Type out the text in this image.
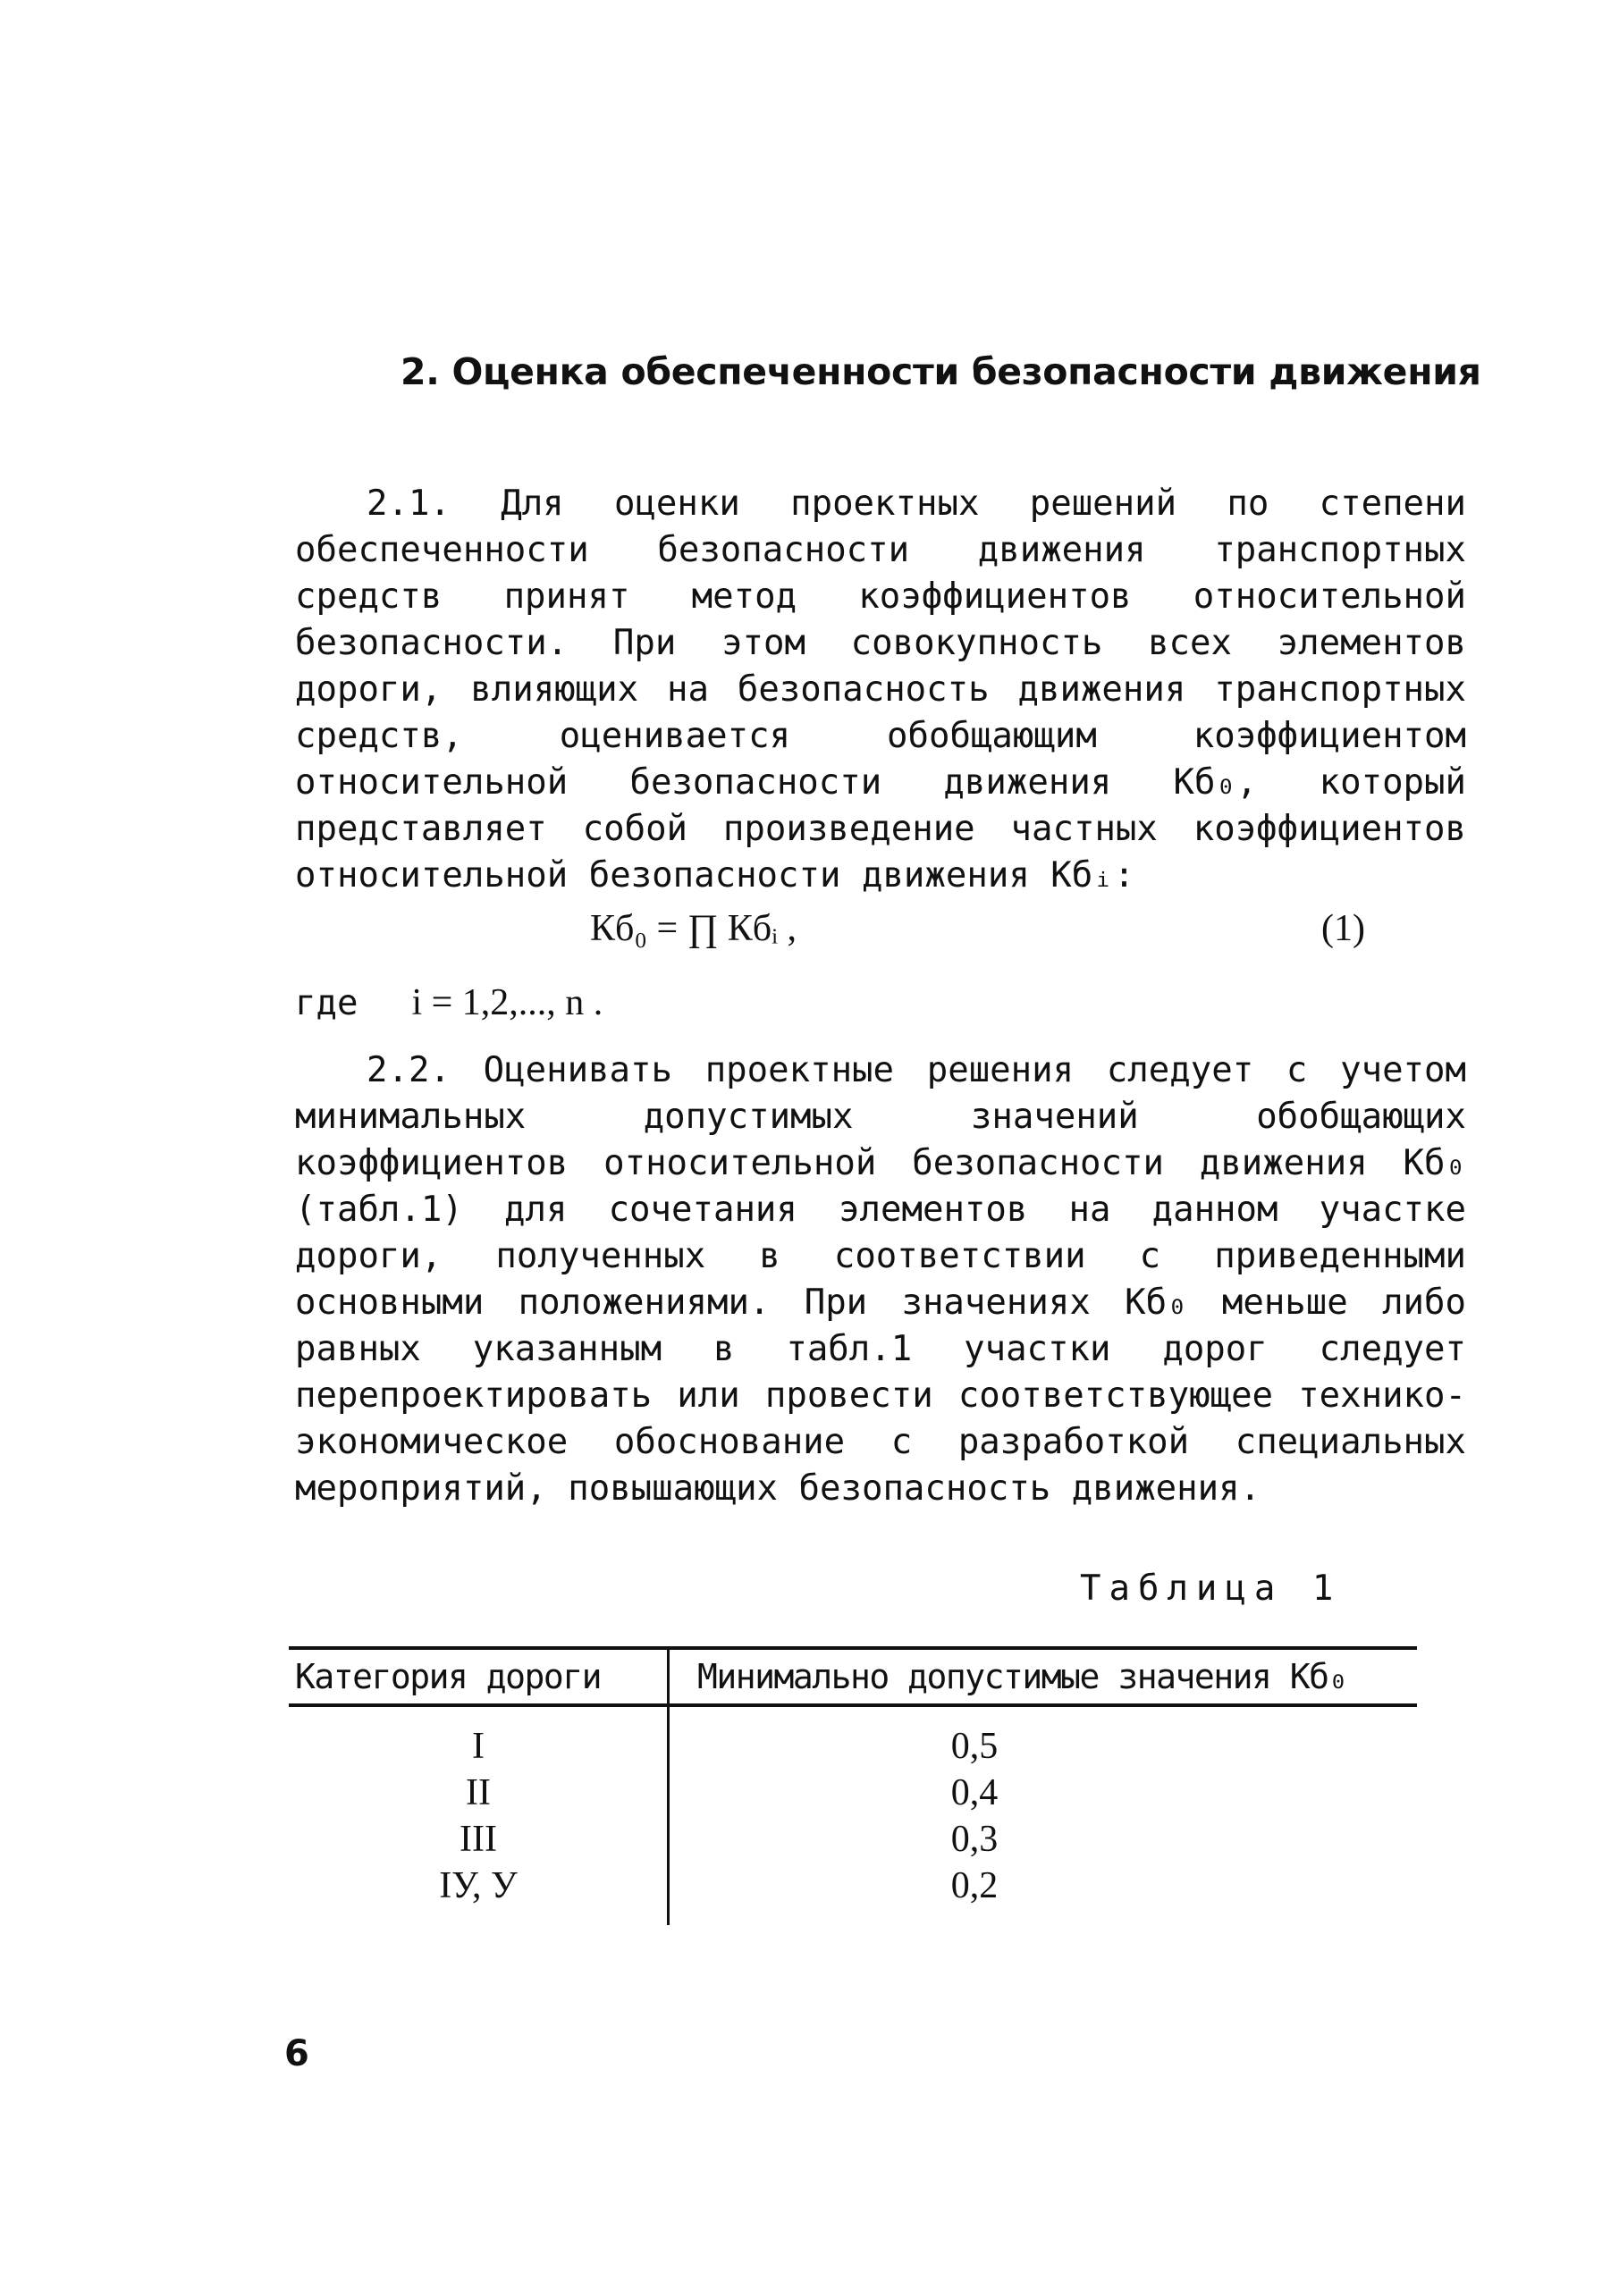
2. Оценка обеспеченности безопасности движения
2.1. Для оценки проектных решений по степени обеспеченности безопасности движения транспортных средств принят метод коэффициентов относительной безопасности. При этом совокупность всех элементов дороги, влияющих на безопасность движения транспортных средств, оценивается обобщающим коэффициентом относительной безопасности движения Кб₀, который представляет собой произведение частных коэффициентов относительной безопасности движения Кбᵢ:
Кб₀ = ∏ Кбᵢ ,	(1)
где i = 1,2,..., n .
2.2. Оценивать проектные решения следует с учетом минимальных допустимых значений обобщающих коэффициентов относительной безопасности движения Кб₀ (табл.1) для сочетания элементов на данном участке дороги, полученных в соответствии с приведенными основными положениями. При значениях Кб₀ меньше либо равных указанным в табл.1 участки дорог следует перепроектировать или провести соответствующее технико-экономическое обоснование с разработкой специальных мероприятий, повышающих безопасность движения.
Таблица 1
Категория дороги	Минимально допустимые значения Кб₀
I	0,5
II	0,4
III	0,3
IУ, У	0,2
6
